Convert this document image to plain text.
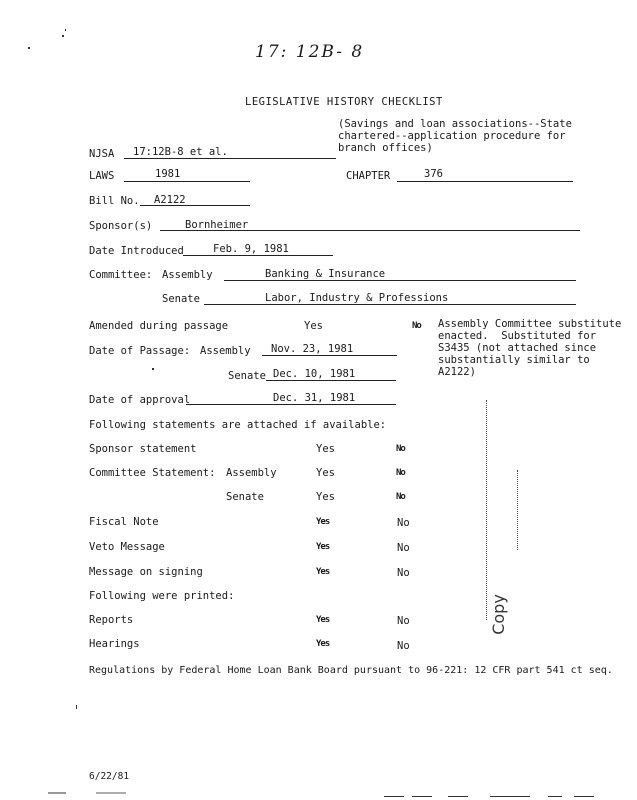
17: 12B- 8
LEGISLATIVE HISTORY CHECKLIST
(Savings and loan associations--State
chartered--application procedure for
branch offices)
NJSA 17:12B-8 et al.
LAWS	1981	CHAPTER	376
Bill No. A2122
Sponsor(s)	Bornheimer
Date Introduced	Feb. 9, 1981
Committee: Assembly	Banking & Insurance
Senate	Labor, Industry & Professions
Amended during passage	Yes	No Assembly Committee substitute
enacted.  Substituted for
S3435 (not attached since
substantially similar to
A2122)
Date of Passage: Assembly Nov. 23, 1981
Senate Dec. 10, 1981
Date of approval	Dec. 31, 1981
Following statements are attached if available:
Sponsor statement	Yes	No
Committee Statement: Assembly	Yes	No
Senate	Yes	No
Fiscal Note	Yes	No
Veto Message	Yes	No
Message on signing	Yes	No
Following were printed:
Reports	Yes	No
Hearings	Yes	No
Copy
Regulations by Federal Home Loan Bank Board pursuant to 96-221: 12 CFR part 541 ct seq.
6/22/81
